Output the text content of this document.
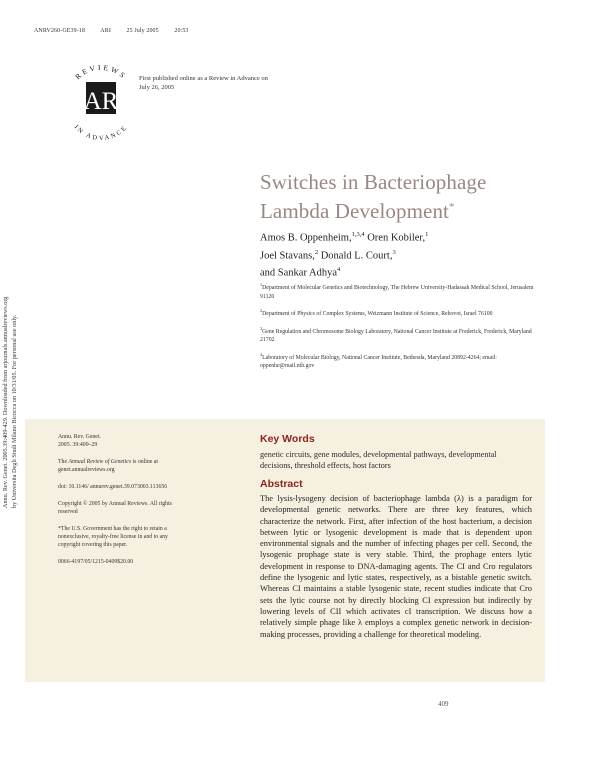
ANRV260-GE39-18	ARI	25 July 2005	20:53
REVIEWS
IN ADVANCE
AR
First published online as a Review in Advance on July 26, 2005
Switches in Bacteriophage
Lambda Development*
Amos B. Oppenheim,$^{1,3,4}$ Oren Kobiler,$^1$
Joel Stavans,$^2$ Donald L. Court,$^3$
and Sankar Adhya$^4$
$^1$Department of Molecular Genetics and Biotechnology, The Hebrew University-Hadassah Medical School, Jerusalem 91120
$^2$Department of Physics of Complex Systems, Weizmann Institute of Science, Rehovot, Israel 76100
$^3$Gene Regulation and Chromosome Biology Laboratory, National Cancer Institute at Frederick, Frederick, Maryland 21702
$^4$Laboratory of Molecular Biology, National Cancer Institute, Bethesda, Maryland 20892-4264; email: oppenhe@mail.nih.gov
Annu. Rev. Genet. 2005.39:409-429. Downloaded from arjournals.annualreviews.org by Universita Degli Studi Milano Bicocca on 10/31/05. For personal use only.	Annu. Rev. Genet.
2005. 39:409–29

The Annual Review of Genetics is online at genet.annualreviews.org

doi: 10.1146/ annurev.genet.39.073003.113656

Copyright © 2005 by Annual Reviews. All rights reserved

*The U.S. Government has the right to retain a nonexclusive, royalty-free license in and to any copyright covering this paper.

0066-4197/05/1215-0409$20.00

Key Words
genetic circuits, gene modules, developmental pathways, developmental decisions, threshold effects, host factors
Abstract
The lysis-lysogeny decision of bacteriophage lambda (λ) is a paradigm for developmental genetic networks. There are three key features, which characterize the network. First, after infection of the host bacterium, a decision between lytic or lysogenic development is made that is dependent upon environmental signals and the number of infecting phages per cell. Second, the lysogenic prophage state is very stable. Third, the prophage enters lytic development in response to DNA-damaging agents. The CI and Cro regulators define the lysogenic and lytic states, respectively, as a bistable genetic switch. Whereas CI maintains a stable lysogenic state, recent studies indicate that Cro sets the lytic course not by directly blocking CI expression but indirectly by lowering levels of CII which activates cI transcription. We discuss how a relatively simple phage like λ employs a complex genetic network in decision-making processes, providing a challenge for theoretical modeling.
409
